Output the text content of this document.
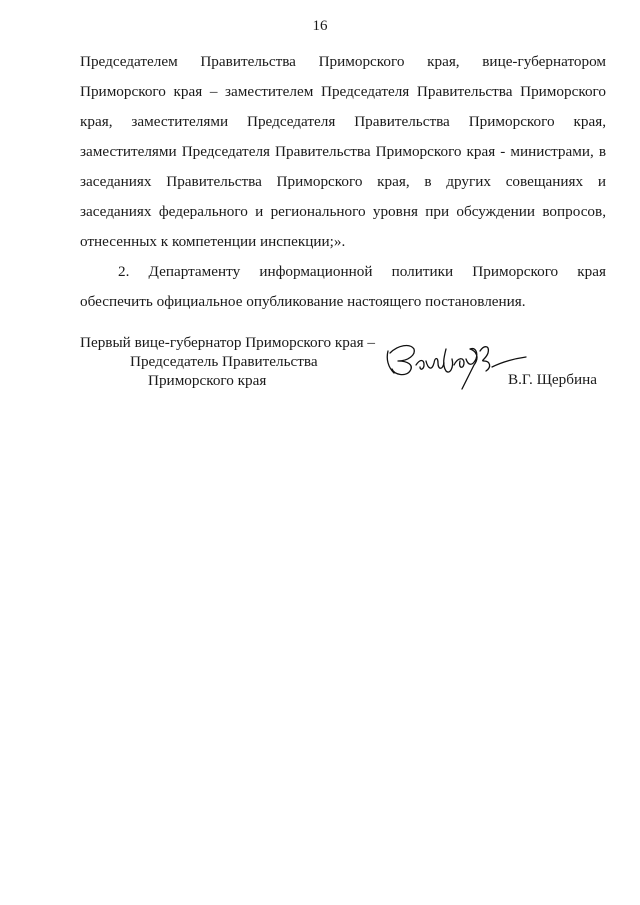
16

Председателем Правительства Приморского края, вице-губернатором
Приморского края – заместителем Председателя Правительства Приморского
края, заместителями Председателя Правительства Приморского края,
заместителями Председателя Правительства Приморского края - министрами, в
заседаниях Правительства Приморского края, в других совещаниях и
заседаниях федерального и регионального уровня при обсуждении вопросов,
отнесенных к компетенции инспекции;».

2. Департаменту информационной политики Приморского края
обеспечить официальное опубликование настоящего постановления.

Первый вице-губернатор Приморского края –
Председатель Правительства
Приморского края	В.Г. Щербина
